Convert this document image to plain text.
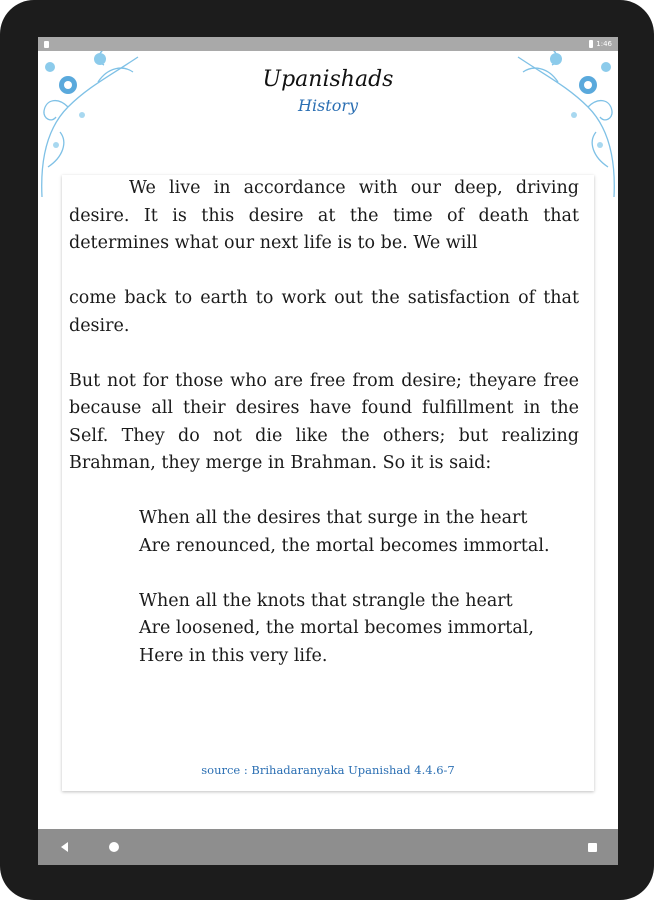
1:46
Upanishads
History

We live in accordance with our deep, driving desire. It is this desire at the time of death that determines what our next life is to be. We will

come back to earth to work out the satisfaction of that desire.

But not for those who are free from desire; theyare free because all their desires have found fulfillment in the Self. They do not die like the others; but realizing Brahman, they merge in Brahman. So it is said:

When all the desires that surge in the heart
Are renounced, the mortal becomes immortal.
When all the knots that strangle the heart
Are loosened, the mortal becomes immortal,
Here in this very life.
source : Brihadaranyaka Upanishad 4.4.6-7
